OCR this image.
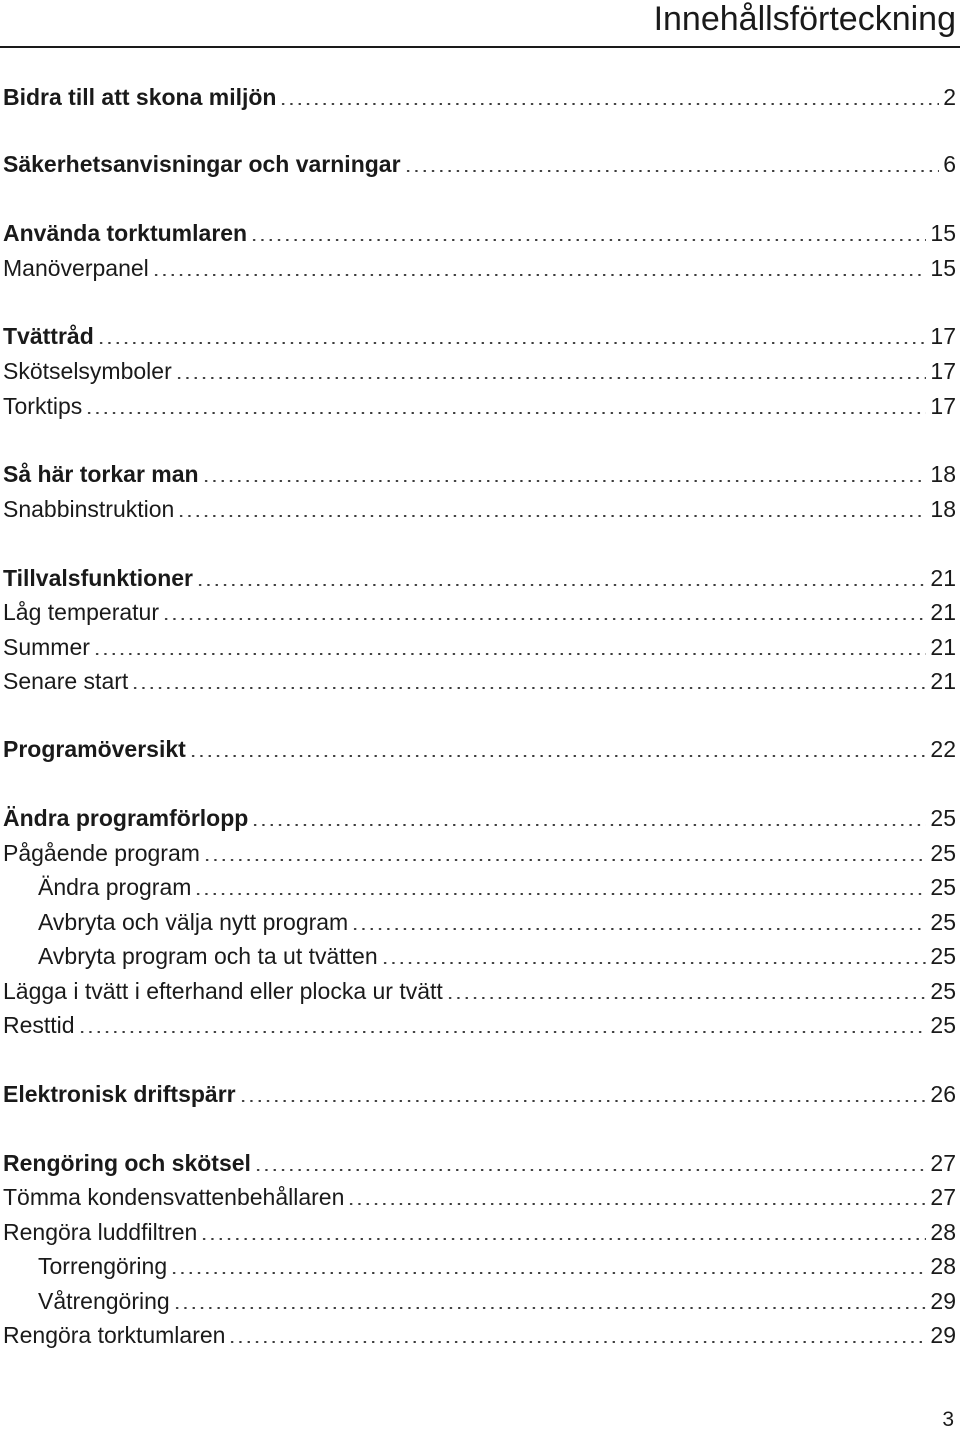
Innehållsförteckning
Bidra till att skona miljön	2
Säkerhetsanvisningar och varningar	6
Använda torktumlaren	15
Manöverpanel	15
Tvättråd	17
Skötselsymboler	17
Torktips	17
Så här torkar man	18
Snabbinstruktion	18
Tillvalsfunktioner	21
Låg temperatur	21
Summer	21
Senare start	21
Programöversikt	22
Ändra programförlopp	25
Pågående program	25
Ändra program	25
Avbryta och välja nytt program	25
Avbryta program och ta ut tvätten	25
Lägga i tvätt i efterhand eller plocka ur tvätt	25
Resttid	25
Elektronisk driftspärr	26
Rengöring och skötsel	27
Tömma kondensvattenbehållaren	27
Rengöra luddfiltren	28
Torrengöring	28
Våtrengöring	29
Rengöra torktumlaren	29
3
